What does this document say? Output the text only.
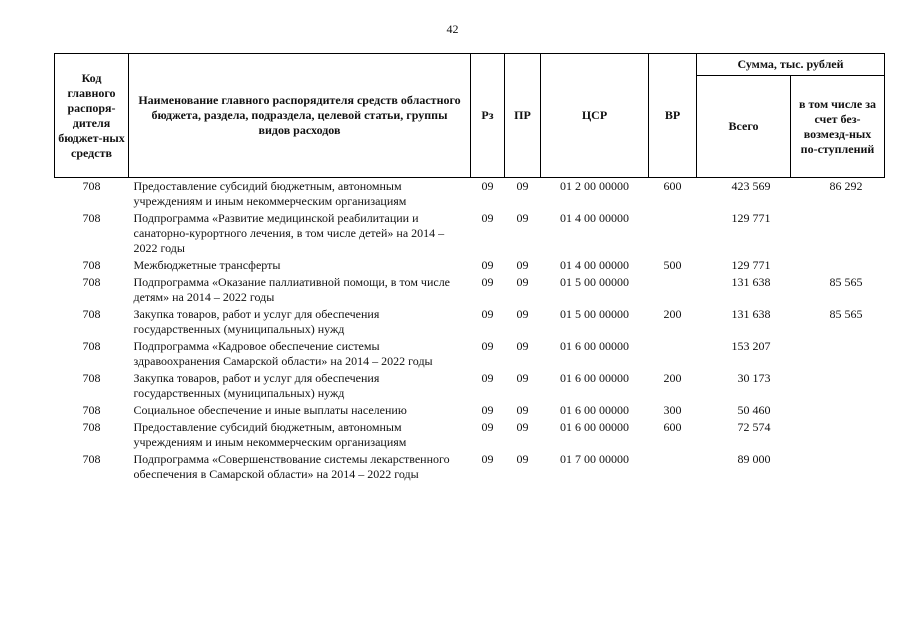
42
Код главного распоря-дителя бюджет-ных средств	Наименование главного распорядителя средств областного бюджета, раздела, подраздела, целевой статьи, группы видов расходов	Рз	ПР	ЦСР	ВР	Сумма, тыс. рублей	
						Всего	в том числе за счет без-возмезд-ных по-ступлений
708	Предоставление субсидий бюджетным, автономным учреждениям и иным некоммерческим организациям	09	09	01 2 00 00000	600	423 569	86 292
708	Подпрограмма «Развитие медицинской реабилитации и санаторно-курортного лечения, в том числе детей» на 2014 – 2022 годы	09	09	01 4 00 00000		129 771	
708	Межбюджетные трансферты	09	09	01 4 00 00000	500	129 771	
708	Подпрограмма «Оказание паллиативной помощи, в том числе детям» на 2014 – 2022 годы	09	09	01 5 00 00000		131 638	85 565
708	Закупка товаров, работ и услуг для обеспечения государственных (муниципальных) нужд	09	09	01 5 00 00000	200	131 638	85 565
708	Подпрограмма «Кадровое обеспечение системы здравоохранения Самарской области» на 2014 – 2022 годы	09	09	01 6 00 00000		153 207	
708	Закупка товаров, работ и услуг для обеспечения государственных (муниципальных) нужд	09	09	01 6 00 00000	200	30 173	
708	Социальное обеспечение и иные выплаты населению	09	09	01 6 00 00000	300	50 460	
708	Предоставление субсидий бюджетным, автономным учреждениям и иным некоммерческим организациям	09	09	01 6 00 00000	600	72 574	
708	Подпрограмма «Совершенствование системы лекарственного обеспечения в Самарской области» на 2014 – 2022 годы	09	09	01 7 00 00000		89 000	
